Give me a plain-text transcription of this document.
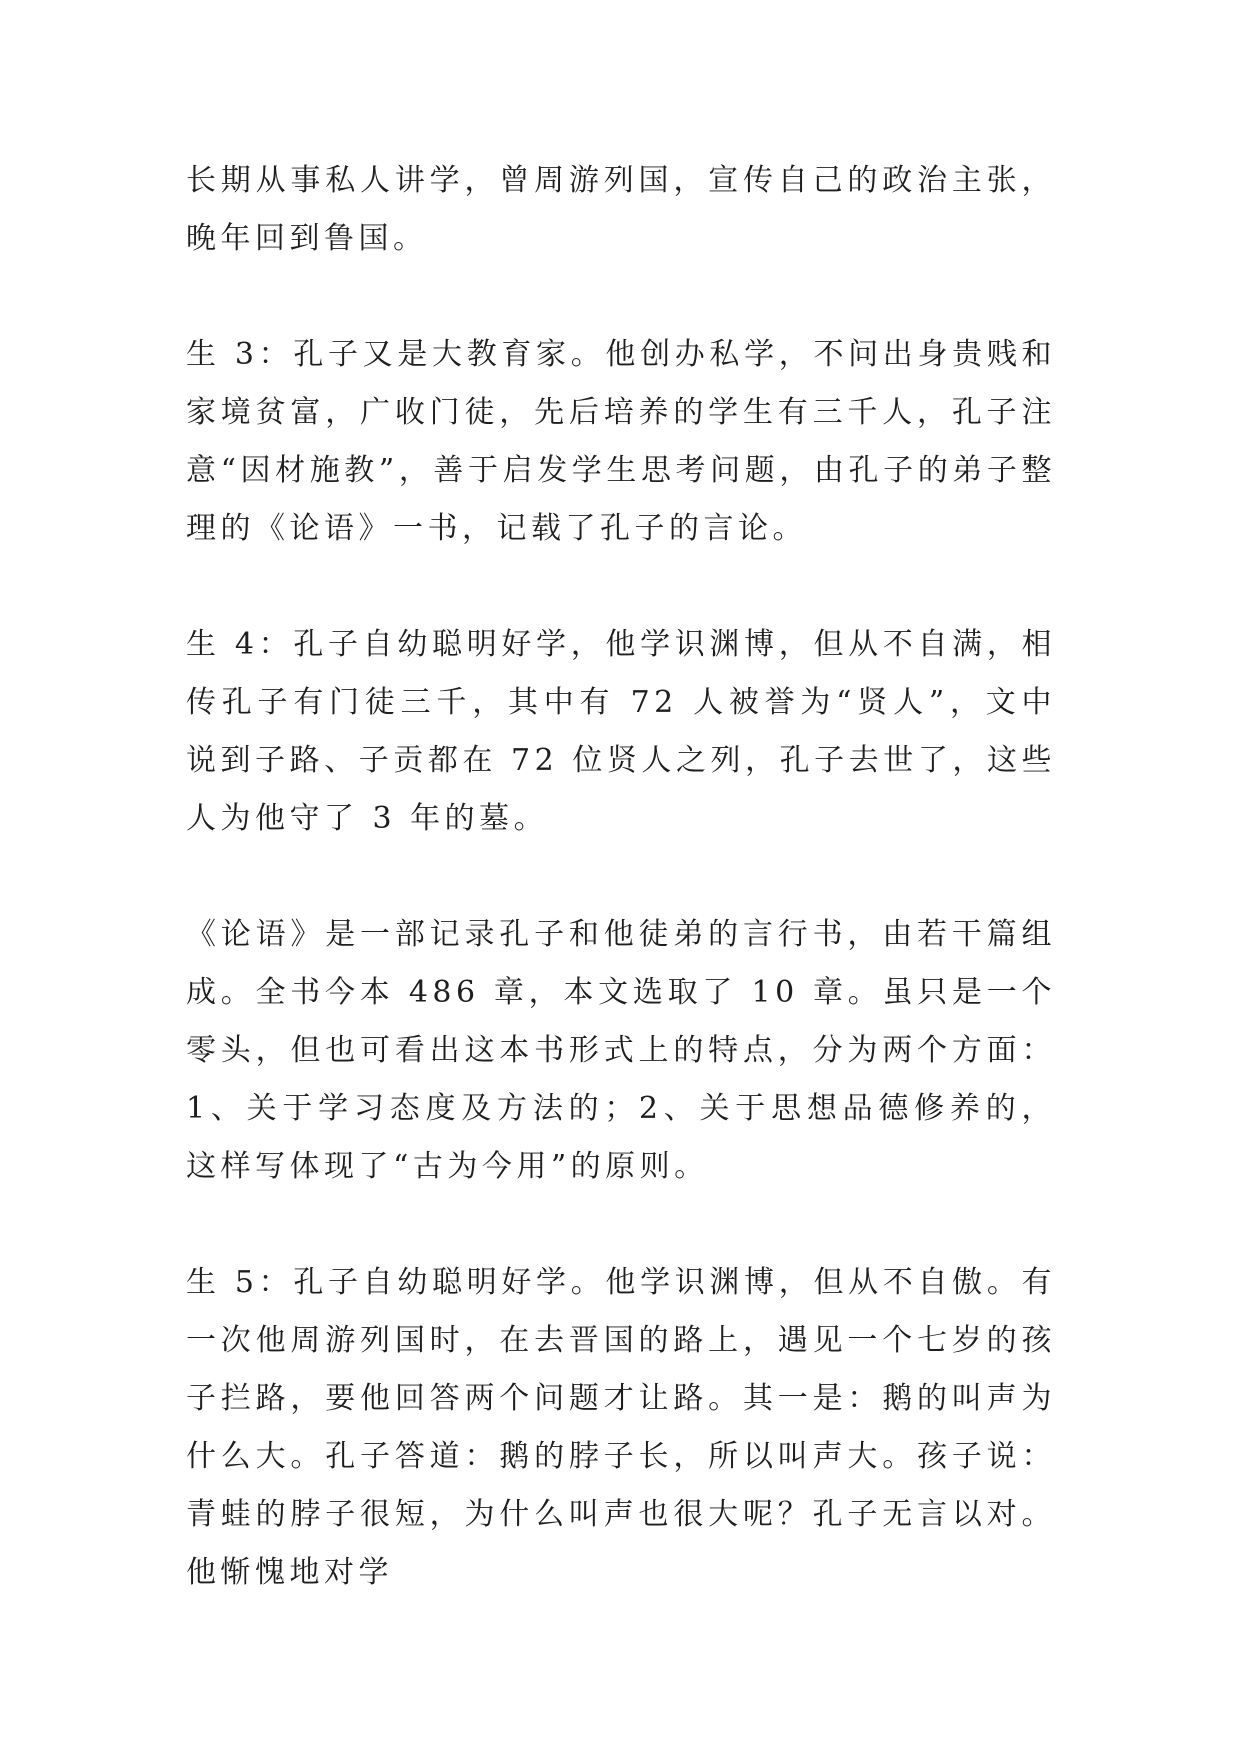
长期从事私人讲学，曾周游列国，宣传自己的政治主张，晚年回到鲁国。

生 3：孔子又是大教育家。他创办私学，不问出身贵贱和家境贫富，广收门徒，先后培养的学生有三千人，孔子注意“因材施教”，善于启发学生思考问题，由孔子的弟子整理的《论语》一书，记载了孔子的言论。

生 4：孔子自幼聪明好学，他学识渊博，但从不自满，相传孔子有门徒三千，其中有 72 人被誉为“贤人”，文中说到子路、子贡都在 72 位贤人之列，孔子去世了，这些人为他守了 3 年的墓。

《论语》是一部记录孔子和他徒弟的言行书，由若干篇组成。全书今本 486 章，本文选取了 10 章。虽只是一个零头，但也可看出这本书形式上的特点，分为两个方面：1、关于学习态度及方法的；2、关于思想品德修养的，这样写体现了“古为今用”的原则。

生 5：孔子自幼聪明好学。他学识渊博，但从不自傲。有一次他周游列国时，在去晋国的路上，遇见一个七岁的孩子拦路，要他回答两个问题才让路。其一是：鹅的叫声为什么大。孔子答道：鹅的脖子长，所以叫声大。孩子说：青蛙的脖子很短，为什么叫声也很大呢？孔子无言以对。他惭愧地对学
